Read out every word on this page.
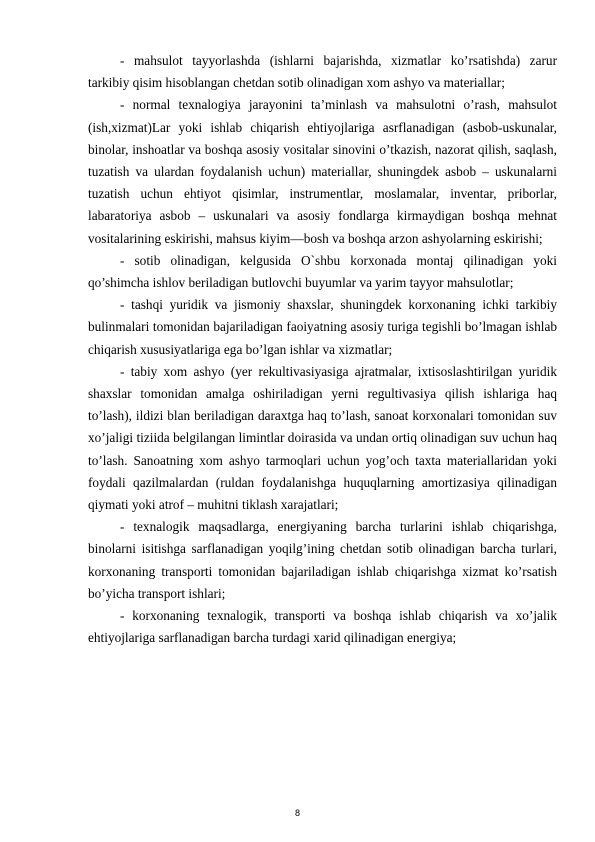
- mahsulot tayyorlashda (ishlarni bajarishda, xizmatlar ko’rsatishda) zarur tarkibiy qisim hisoblangan chetdan sotib olinadigan xom ashyo va materiallar;

- normal texnalogiya jarayonini ta’minlash va mahsulotni o’rash, mahsulot (ish,xizmat)Lar yoki ishlab chiqarish ehtiyojlariga asrflanadigan (asbob-uskunalar, binolar, inshoatlar va boshqa asosiy vositalar sinovini o’tkazish, nazorat qilish, saqlash, tuzatish va ulardan foydalanish uchun) materiallar, shuningdek asbob – uskunalarni tuzatish uchun ehtiyot qisimlar, instrumentlar, moslamalar, inventar, priborlar, labaratoriya asbob – uskunalari va asosiy fondlarga kirmaydigan boshqa mehnat vositalarining eskirishi, mahsus kiyim—bosh va boshqa arzon ashyolarning eskirishi;

- sotib olinadigan, kelgusida O`shbu korxonada montaj qilinadigan yoki qo’shimcha ishlov beriladigan butlovchi buyumlar va yarim tayyor mahsulotlar;

- tashqi yuridik va jismoniy shaxslar, shuningdek korxonaning ichki tarkibiy bulinmalari tomonidan bajariladigan faoiyatning asosiy turiga tegishli bo’lmagan ishlab chiqarish xususiyatlariga ega bo’lgan ishlar va xizmatlar;

- tabiy xom ashyo (yer rekultivasiyasiga ajratmalar, ixtisoslashtirilgan yuridik shaxslar tomonidan amalga oshiriladigan yerni regultivasiya qilish ishlariga haq to’lash), ildizi blan beriladigan daraxtga haq to’lash, sanoat korxonalari tomonidan suv xo’jaligi tiziida belgilangan limintlar doirasida va undan ortiq olinadigan suv uchun haq to’lash. Sanoatning xom ashyo tarmoqlari uchun yog’och taxta materiallaridan yoki foydali qazilmalardan (ruldan foydalanishga huquqlarning amortizasiya qilinadigan qiymati yoki atrof – muhitni tiklash xarajatlari;

- texnalogik maqsadlarga, energiyaning barcha turlarini ishlab chiqarishga, binolarni isitishga sarflanadigan yoqilg’ining chetdan sotib olinadigan barcha turlari, korxonaning transporti tomonidan bajariladigan ishlab chiqarishga xizmat ko’rsatish bo’yicha transport ishlari;

- korxonaning texnalogik, transporti va boshqa ishlab chiqarish va xo’jalik ehtiyojlariga sarflanadigan barcha turdagi xarid qilinadigan energiya;

8
